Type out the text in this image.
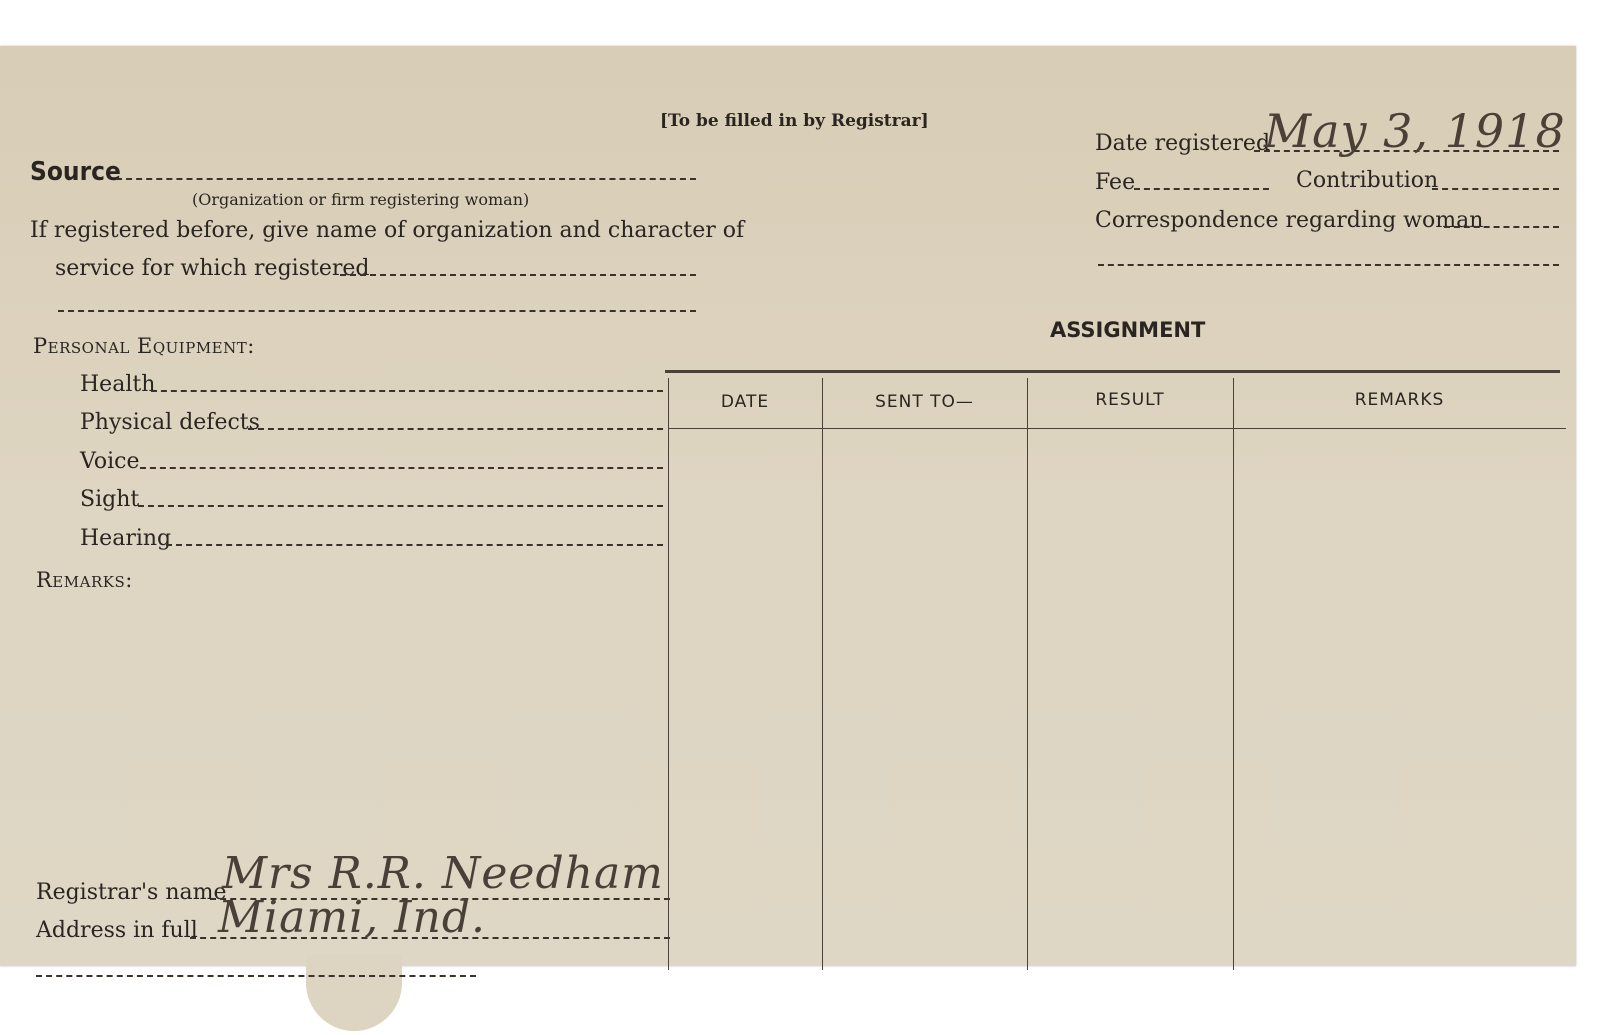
[To be filled in by Registrar]
Source
(Organization or firm registering woman)
If registered before, give name of organization and character of
service for which registered
Personal Equipment:
Health
Physical defects
Voice
Sight
Hearing
Remarks:
Registrar's name
Mrs R.R. Needham
Address in full Miami, Ind.
Date registered
May 3, 1918
Fee	Contribution
Correspondence regarding woman
ASSIGNMENT
DATE	SENT TO—	RESULT	REMARKS
